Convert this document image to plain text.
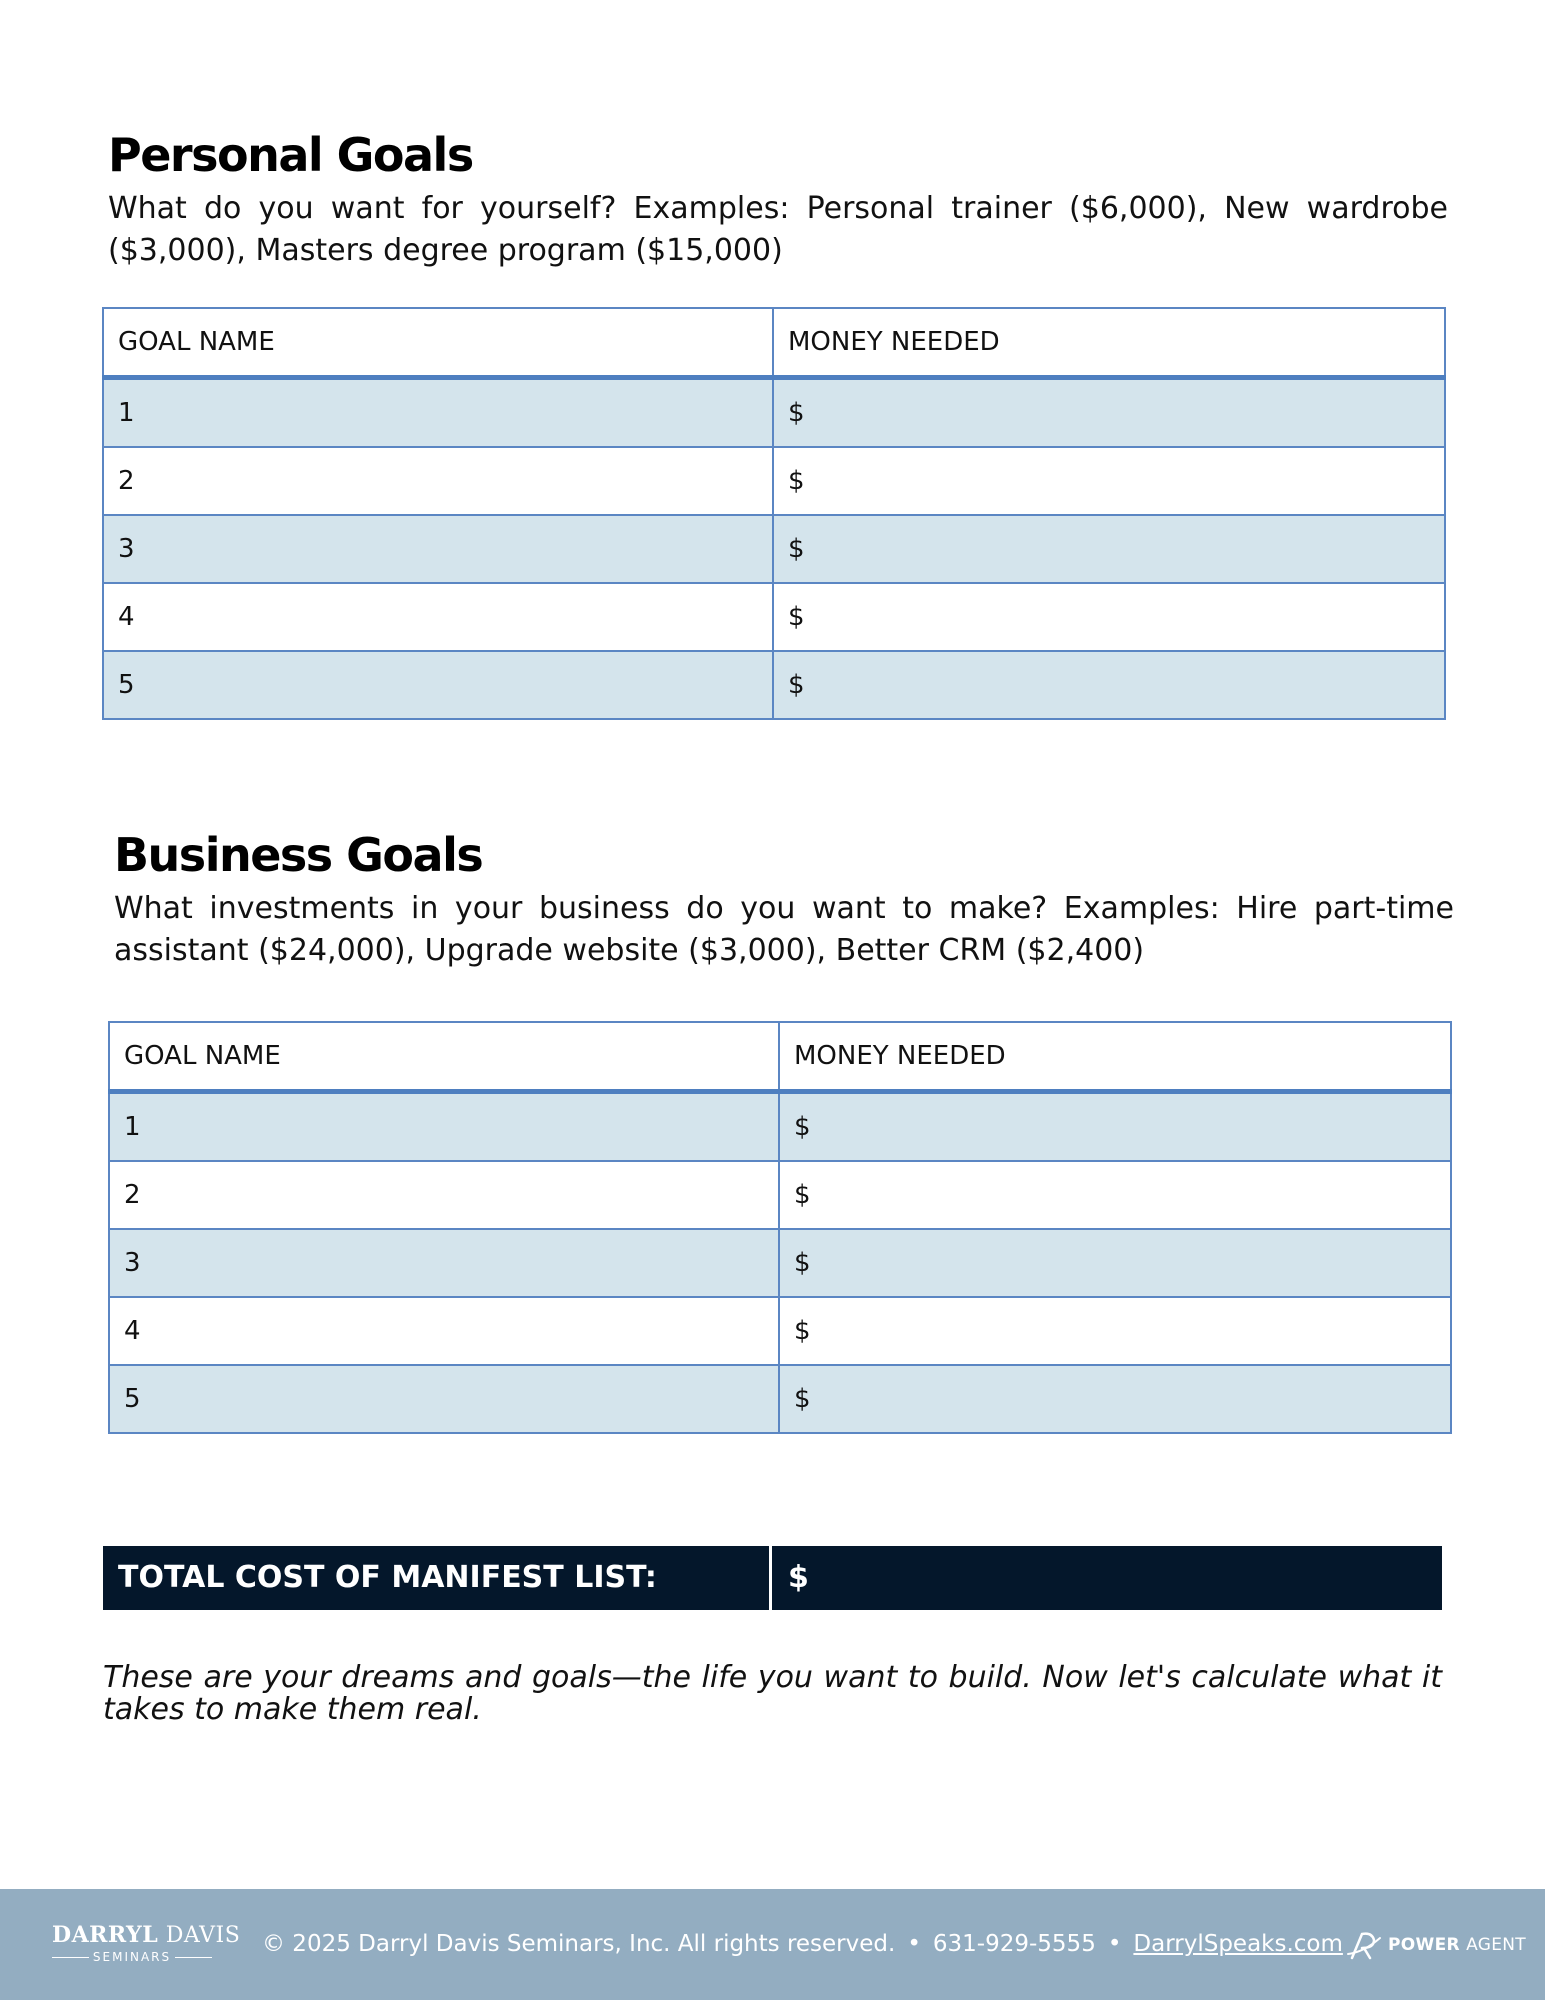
Personal Goals

What do you want for yourself? Examples: Personal trainer ($6,000), New wardrobe ($3,000), Masters degree program ($15,000)

GOAL NAME	MONEY NEEDED
1	$
2	$
3	$
4	$
5	$
Business Goals

What investments in your business do you want to make? Examples: Hire part-time assistant ($24,000), Upgrade website ($3,000), Better CRM ($2,400)

GOAL NAME	MONEY NEEDED
1	$
2	$
3	$
4	$
5	$
TOTAL COST OF MANIFEST LIST:	$
These are your dreams and goals—the life you want to build. Now let's calculate what it takes to make them real.
DARRYL DAVIS
SEMINARS	© 2025 Darryl Davis Seminars, Inc. All rights reserved. • 631-929-5555 • DarrylSpeaks.com	POWER AGENT
